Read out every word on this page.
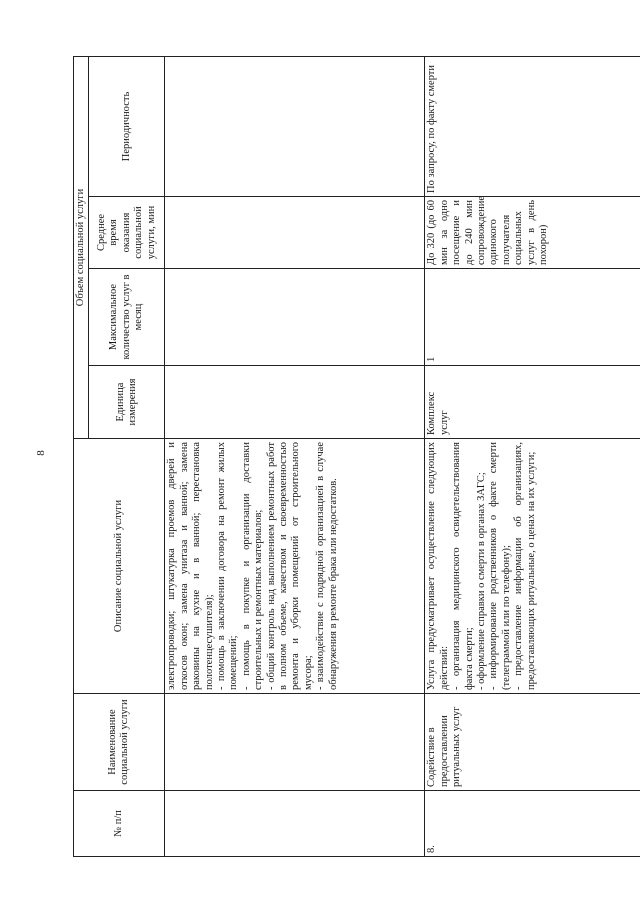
8
№ п/п	Наименование социальной услуги	Описание социальной услуги	Объем социальной услуги			
			Единица измерения	Максимальное количество услуг в месяц	Среднее время оказания социальной услуги, мин	Периодичность
		электропроводки; штукатурка проемов дверей и откосов окон; замена унитаза и ванной; замена раковины на кухне и в ванной; перестановка полотенцесушителя);
- помощь в заключении договора на ремонт жилых помещений;
- помощь в покупке и организации доставки строительных и ремонтных материалов;
- общий контроль над выполнением ремонтных работ в полном объеме, качеством и своевременностью ремонта и уборки помещений от строительного мусора;
- взаимодействие с подрядной организацией в случае обнаружения в ремонте брака или недостатков.				
8.	Содействие в предоставлении ритуальных услуг	Услуга предусматривает осуществление следующих действий:
- организация медицинского освидетельствования факта смерти;
- оформление справки о смерти в органах ЗАГС;
- информирование родственников о факте смерти (телеграммой или по телефону);
- предоставление информации об организациях, предоставляющих ритуальные, о ценах на их услуги;	Комплекс услуг	1	До 320 (до 60 мин за одно посещение и до 240 мин сопровождение одинокого получателя социальных услуг в день похорон)	По запросу, по факту смерти
